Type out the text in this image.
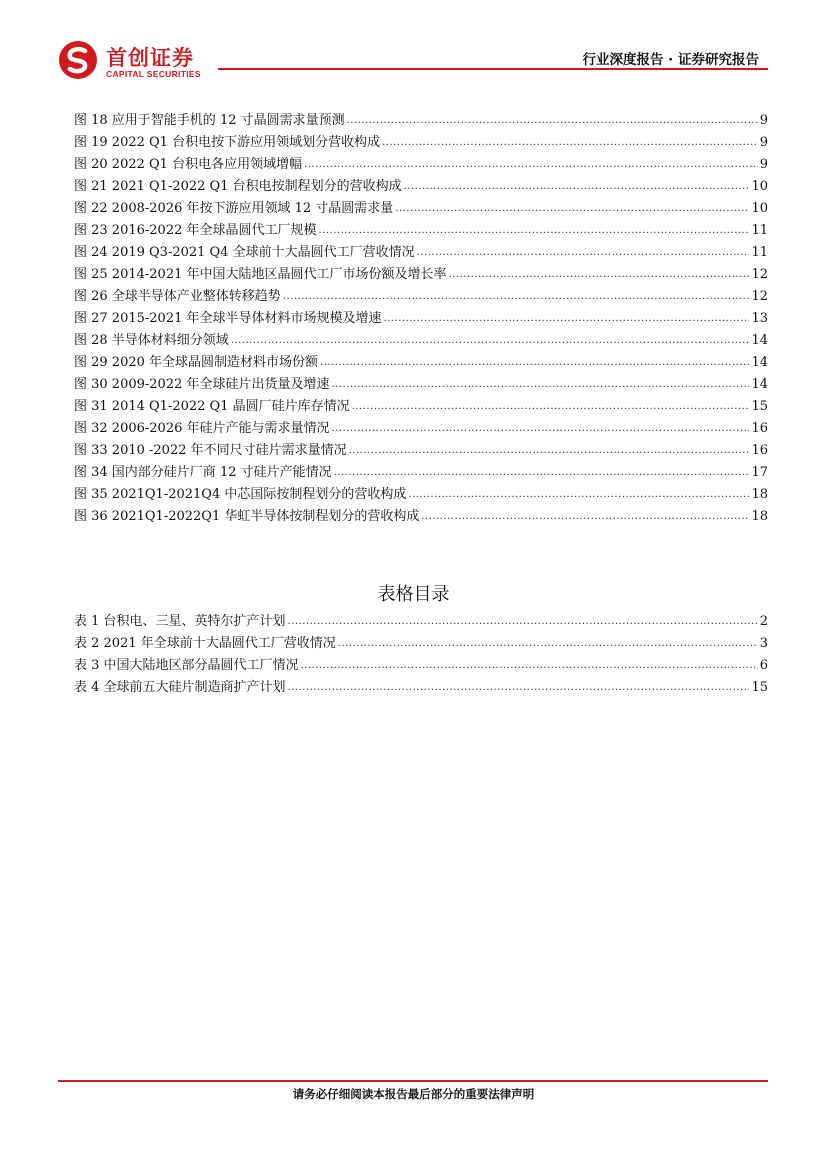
首创证券
CAPITAL SECURITIES
行业深度报告 · 证券研究报告
图 18 应用于智能手机的 12 寸晶圆需求量预测 .....	9
图 19 2022 Q1 台积电按下游应用领域划分营收构成 .....	9
图 20 2022 Q1 台积电各应用领域增幅 .....	9
图 21 2021 Q1-2022 Q1 台积电按制程划分的营收构成 .....	10
图 22 2008-2026 年按下游应用领域 12 寸晶圆需求量 .....	10
图 23 2016-2022 年全球晶圆代工厂规模 .....	11
图 24 2019 Q3-2021 Q4 全球前十大晶圆代工厂营收情况 .....	11
图 25 2014-2021 年中国大陆地区晶圆代工厂市场份额及增长率 .....	12
图 26 全球半导体产业整体转移趋势 .....	12
图 27 2015-2021 年全球半导体材料市场规模及增速 .....	13
图 28 半导体材料细分领域 .....	14
图 29 2020 年全球晶圆制造材料市场份额 .....	14
图 30 2009-2022 年全球硅片出货量及增速 .....	14
图 31 2014 Q1-2022 Q1 晶圆厂硅片库存情况 .....	15
图 32 2006-2026 年硅片产能与需求量情况 .....	16
图 33 2010 -2022 年不同尺寸硅片需求量情况 .....	16
图 34 国内部分硅片厂商 12 寸硅片产能情况 .....	17
图 35 2021Q1-2021Q4 中芯国际按制程划分的营收构成 .....	18
图 36 2021Q1-2022Q1 华虹半导体按制程划分的营收构成 .....	18
表格目录
表 1 台积电、三星、英特尔扩产计划 .....	2
表 2 2021 年全球前十大晶圆代工厂营收情况 .....	3
表 3 中国大陆地区部分晶圆代工厂情况 .....	6
表 4 全球前五大硅片制造商扩产计划 .....	15
请务必仔细阅读本报告最后部分的重要法律声明
